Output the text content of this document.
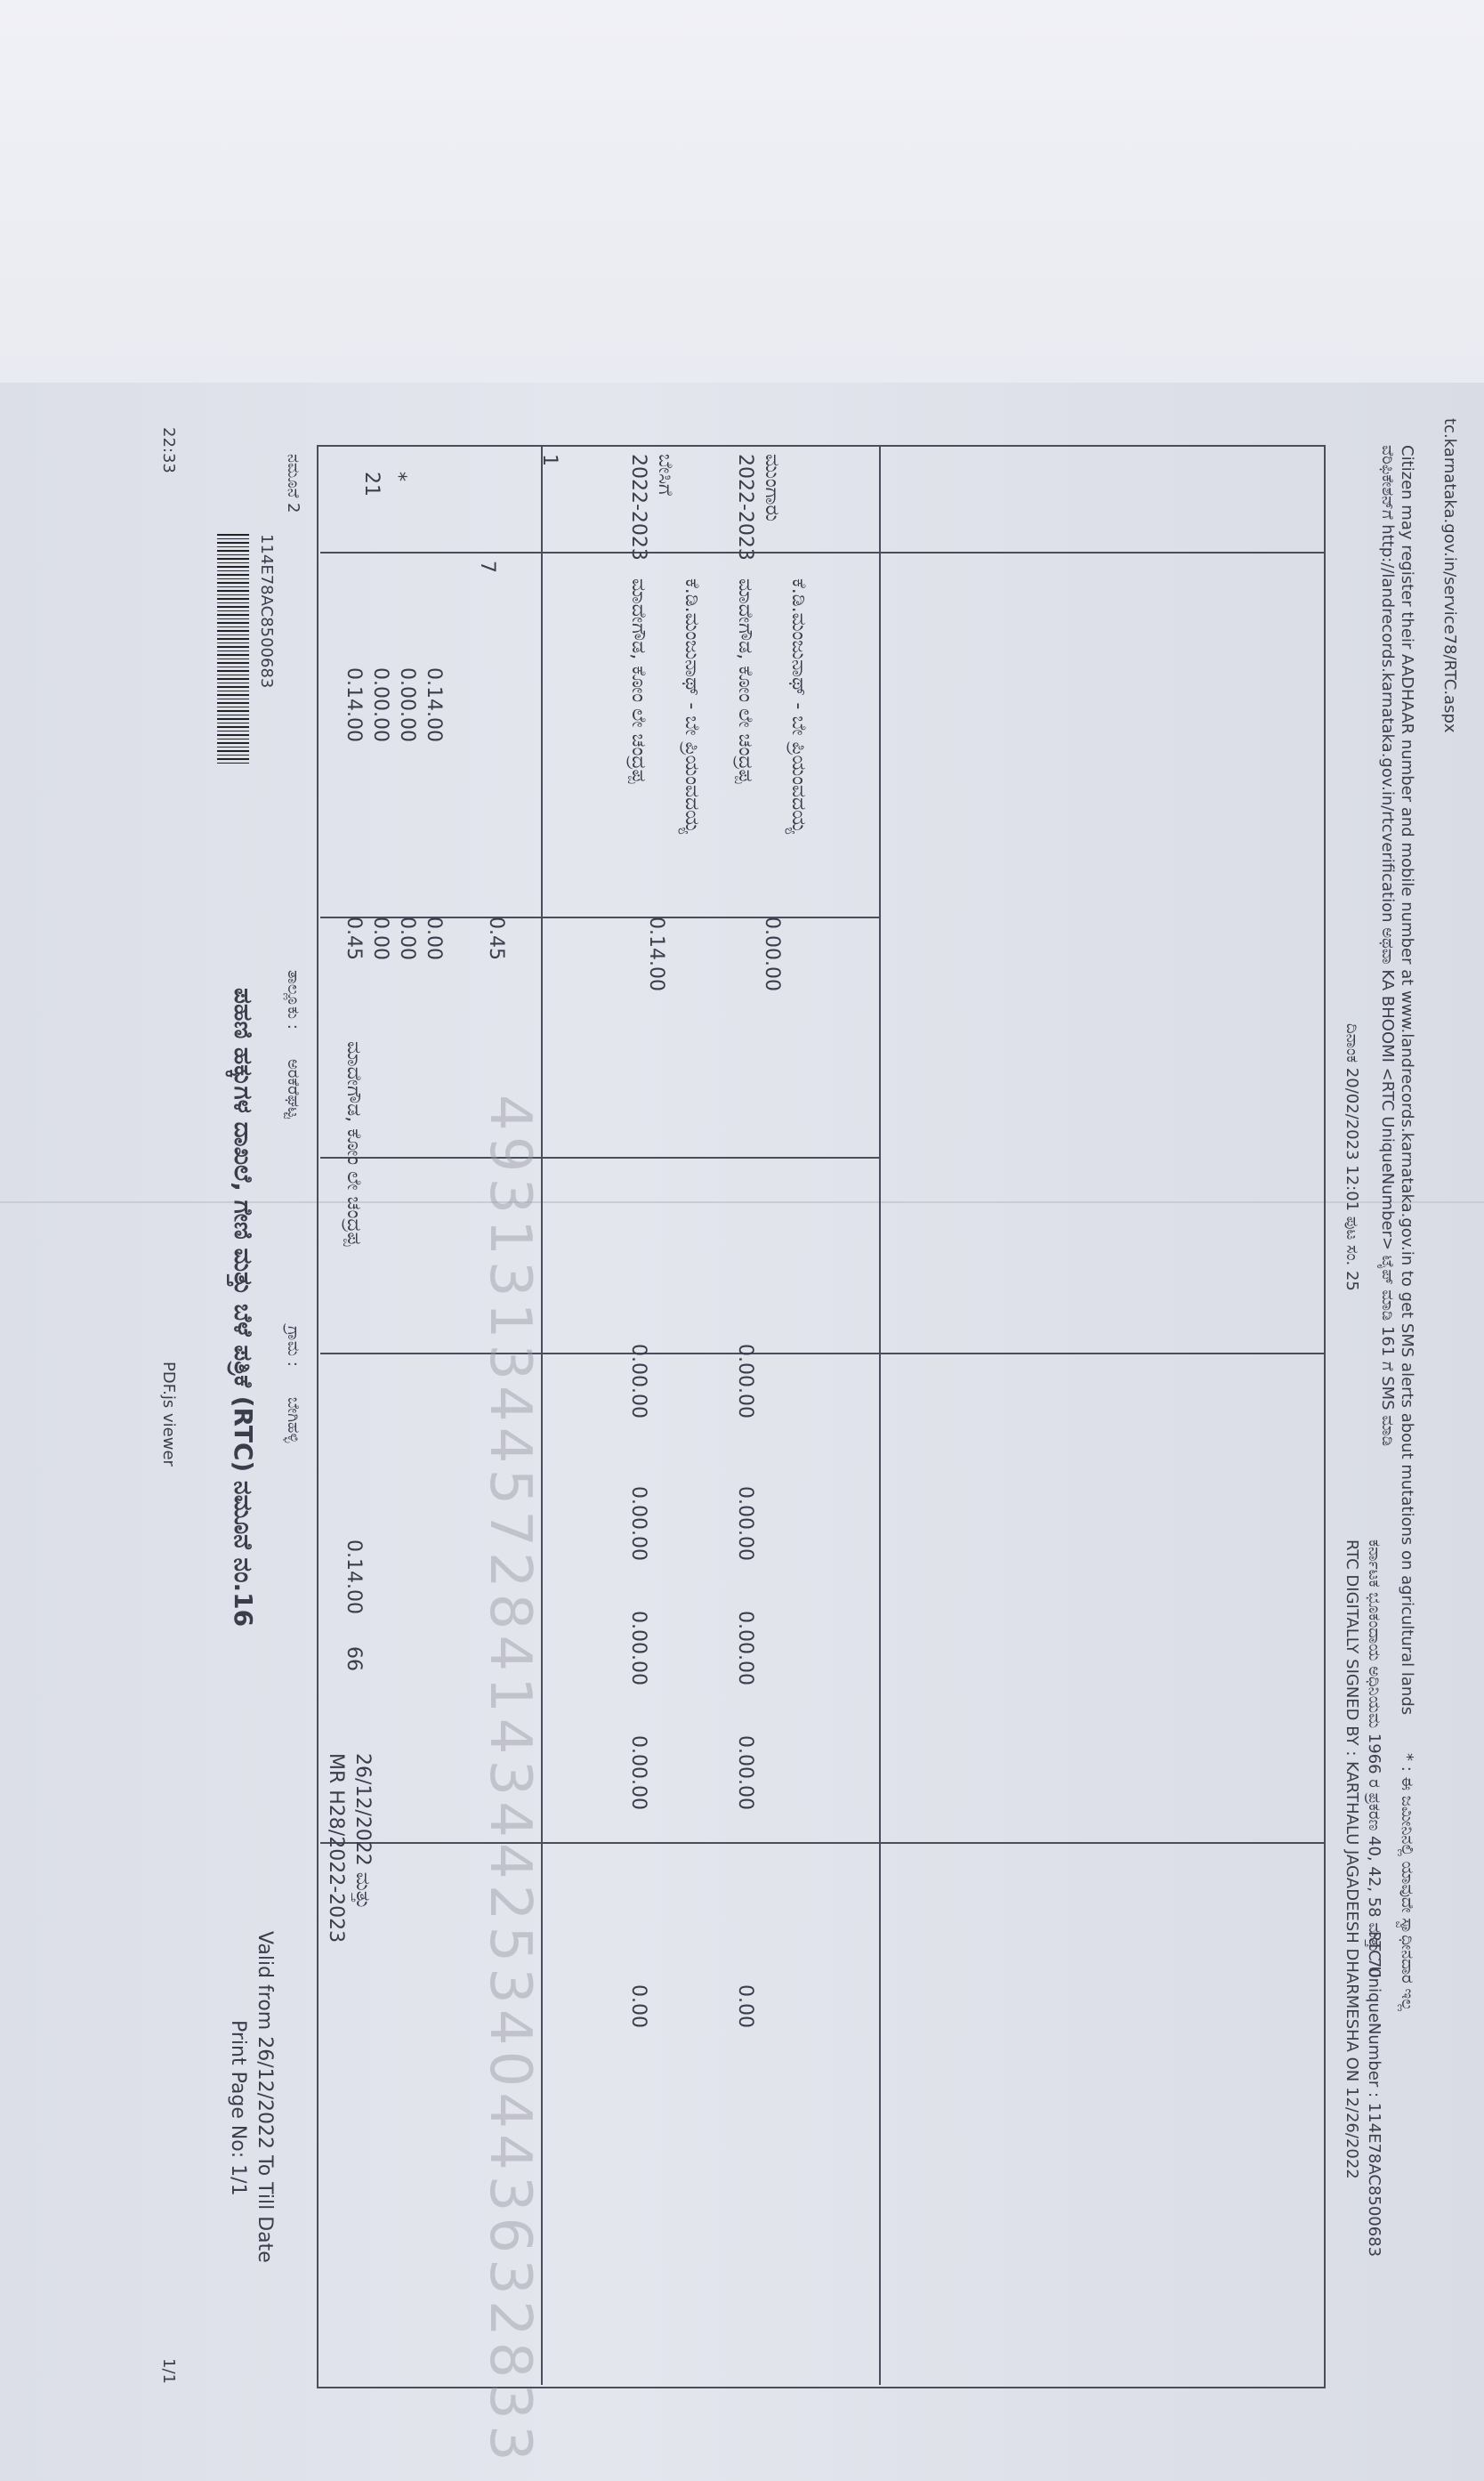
22:33
PDF.js viewer
1/1
ಪಹಣಿ ಹಕ್ಕುಗಳ ದಾಖಲೆ, ಗೇಣಿ ಮತ್ತು ಬೆಳೆ ಪತ್ರಿಕೆ (RTC) ನಮೂನೆ ನಂ.16
114E78AC8500683
Print Page No: 1/1 Valid from 26/12/2022 To Till Date
ನಮೂನೆ 2
ತಾಲ್ಲೂಕು :
ಅರಕೆರೆಘಟ್ಟ
ಗ್ರಾಮ :
ಬೇಗಿಹಳ್ಳಿ
21 *
0.14.00 0.00.00 0.00.00 0.14.00
0.45 0.00 0.00 0.00 0.45
7
ಮಾದೇಗೌಡ, ಕೋಂ ಲೇ ಚಂದ್ರಪ್ಪ
0.14.00
66
MR H28/2022-2023 26/12/2022 ಮತ್ತು
1	2022-2023 ಬೇಸಿಗೆ
ಮಾದೇಗೌಡ, ಕೋಂ ಲೇ ಚಂದ್ರಪ್ಪ ಕೆ.ಡಿ.ಮಂಜುನಾಥ್ - ಬೇ ಪ್ರಿಯಂವದಯ್ಯ
0.14.00
0.00.00
0.00.00
0.00.00
0.00.00
0.00
2022-2023 ಮುಂಗಾರು
ಮಾದೇಗೌಡ, ಕೋಂ ಲೇ ಚಂದ್ರಪ್ಪ ಕೆ.ಡಿ.ಮಂಜುನಾಥ್ - ಬೇ ಪ್ರಿಯಂವದಯ್ಯ
0.00.00
0.00.00
0.00.00
0.00.00
0.00.00
0.00
493131344572841434425340443632833	ದಿನಾಂಕ 20/02/2023 12:01 ಪುಟ ಸಂ. 25
RTC DIGITALLY SIGNED BY : KARTHALU JAGADEESH DHARMESHA ON 12/26/2022 RTC UniqueNumber : 114E78AC8500683
ಕರ್ನಾಟಕ ಭೂಕಂದಾಯ ಅಧಿನಿಯಮ 1966 ರ ಪ್ರಕರಣ 40, 42, 58 ಮತ್ತು 70
ವೆರಿಫಿಕೇಶನ್‌ಗೆ http://landrecords.karnataka.gov.in/rtcverification ಅಥವಾ KA BHOOMI <RTC UniqueNumber> ಟೈಪ್ ಮಾಡಿ 161 ಗೆ SMS ಮಾಡಿ Citizen may register their AADHAAR number and mobile number at www.landrecords.karnataka.gov.in to get SMS alerts about mutations on agricultural lands
* : ಈ ಜಮೀನಿನಲ್ಲಿ ಯಾವುದೇ ಸ್ವಾಧೀನದಾರ ಇಲ್ಲ
tc.karnataka.gov.in/service78/RTC.aspx
